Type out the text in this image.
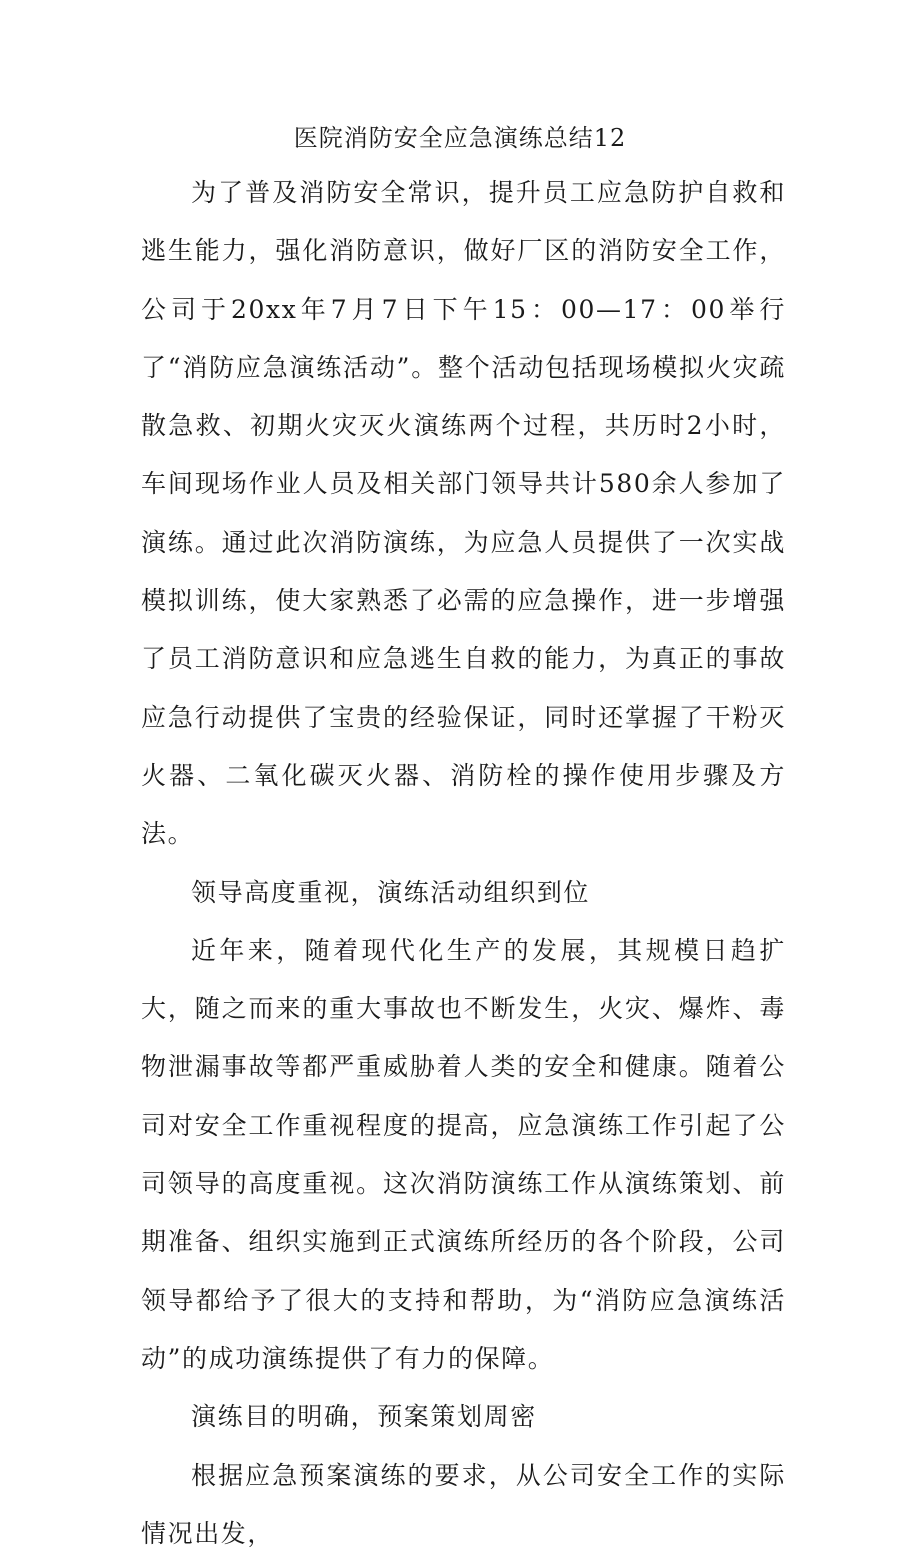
医院消防安全应急演练总结12

为了普及消防安全常识，提升员工应急防护自救和逃生能力，强化消防意识，做好厂区的消防安全工作，公司于20xx年7月7日下午15：00—17：00举行了“消防应急演练活动”。整个活动包括现场模拟火灾疏散急救、初期火灾灭火演练两个过程，共历时2小时，车间现场作业人员及相关部门领导共计580余人参加了演练。通过此次消防演练，为应急人员提供了一次实战模拟训练，使大家熟悉了必需的应急操作，进一步增强了员工消防意识和应急逃生自救的能力，为真正的事故应急行动提供了宝贵的经验保证，同时还掌握了干粉灭火器、二氧化碳灭火器、消防栓的操作使用步骤及方法。

领导高度重视，演练活动组织到位

近年来，随着现代化生产的发展，其规模日趋扩大，随之而来的重大事故也不断发生，火灾、爆炸、毒物泄漏事故等都严重威胁着人类的安全和健康。随着公司对安全工作重视程度的提高，应急演练工作引起了公司领导的高度重视。这次消防演练工作从演练策划、前期准备、组织实施到正式演练所经历的各个阶段，公司领导都给予了很大的支持和帮助，为“消防应急演练活动”的成功演练提供了有力的保障。

演练目的明确，预案策划周密

根据应急预案演练的要求，从公司安全工作的实际情况出发，
